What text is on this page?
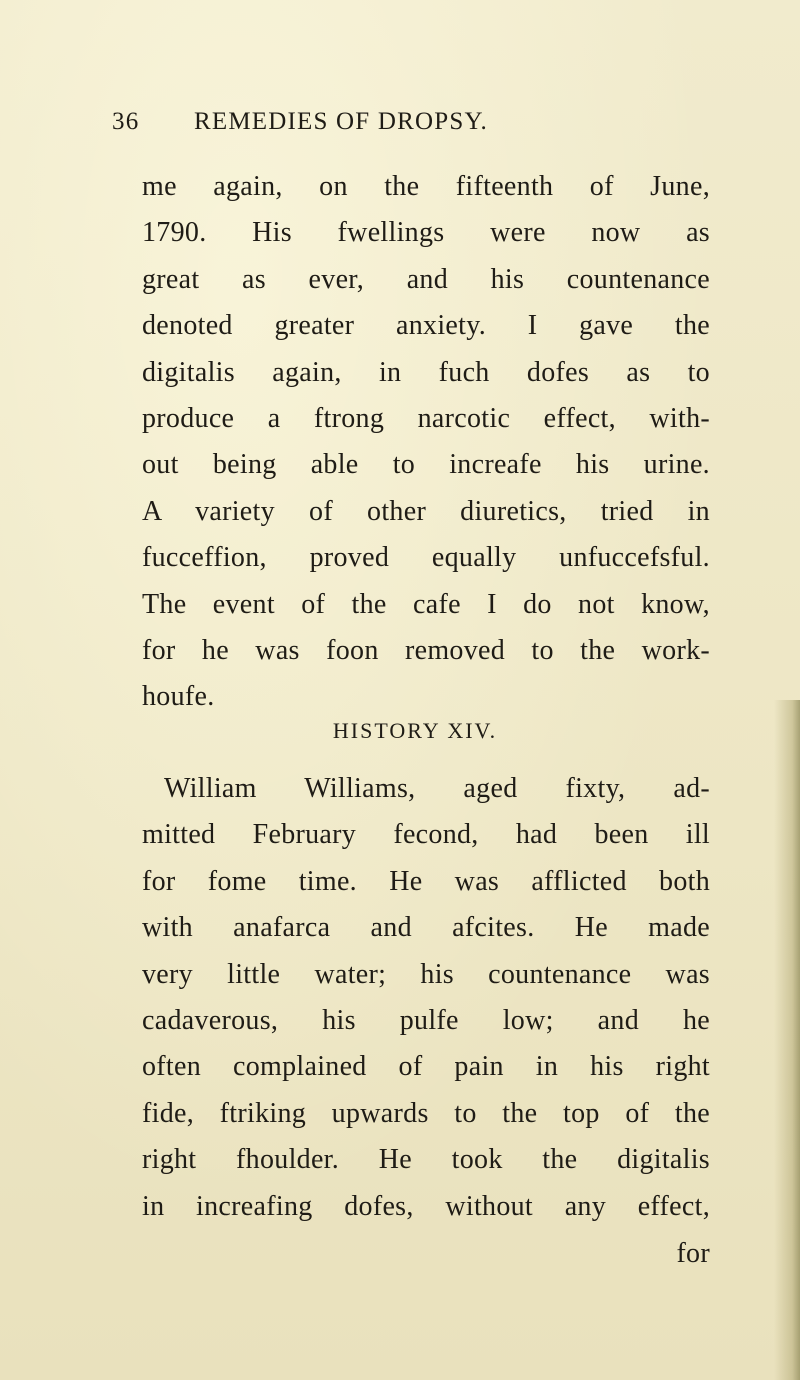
36 REMEDIES OF DROPSY.

me again, on the fifteenth of June,
1790. His fwellings were now as
great as ever, and his countenance
denoted greater anxiety. I gave the
digitalis again, in fuch dofes as to
produce a ftrong narcotic effect, with-
out being able to increafe his urine.
A variety of other diuretics, tried in
fucceffion, proved equally unfuccefsful.
The event of the cafe I do not know,
for he was foon removed to the work-
houfe.

HISTORY XIV.

William Williams, aged fixty, ad-
mitted February fecond, had been ill
for fome time. He was afflicted both
with anafarca and afcites. He made
very little water; his countenance was
cadaverous, his pulfe low; and he
often complained of pain in his right
fide, ftriking upwards to the top of the
right fhoulder. He took the digitalis
in increafing dofes, without any effect,

for
